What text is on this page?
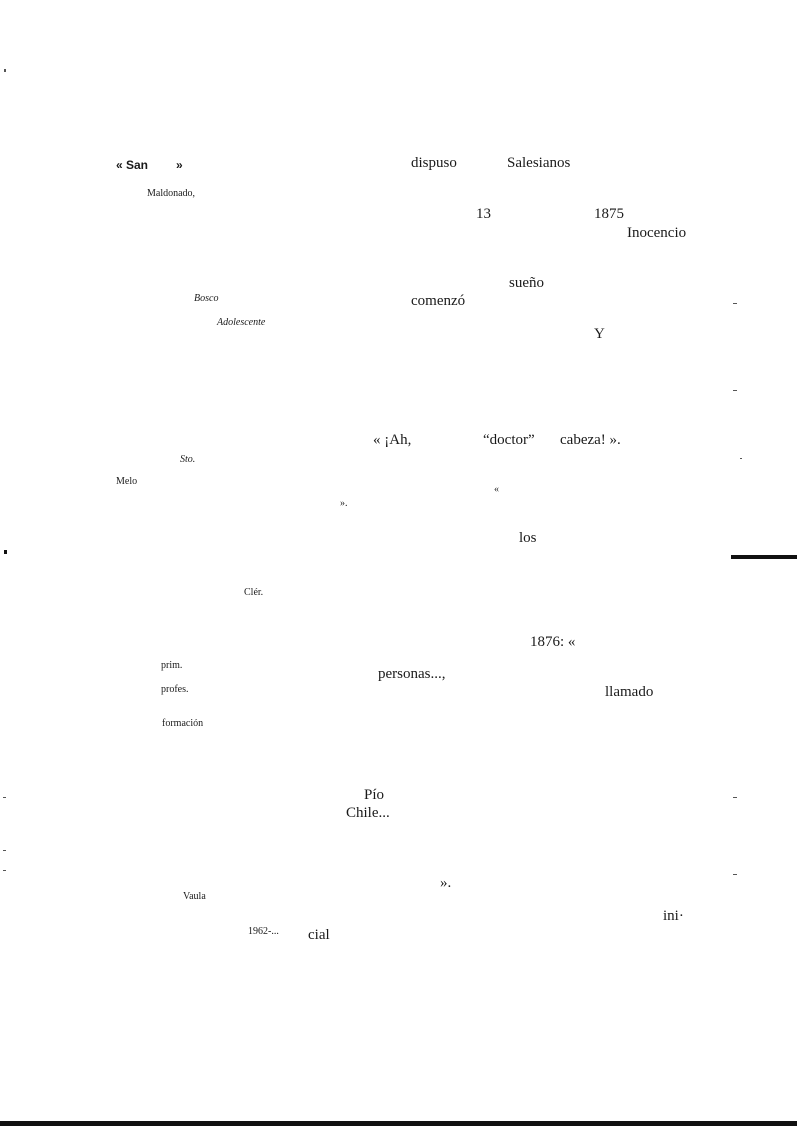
« San »
Maldonado,
Bosco
Adolescente
Sto.
Melo
Clér.
prim.
profes.
formación
Vaula
1962-...
dispuso	Salesianos
13	1875
Inocencio
sueño
comenzó
Y
« ¡Ah,	“doctor” cabeza! ».
«
».
los
1876: «
personas...,
llamado
Pío
Chile...
».
ini·
cial
